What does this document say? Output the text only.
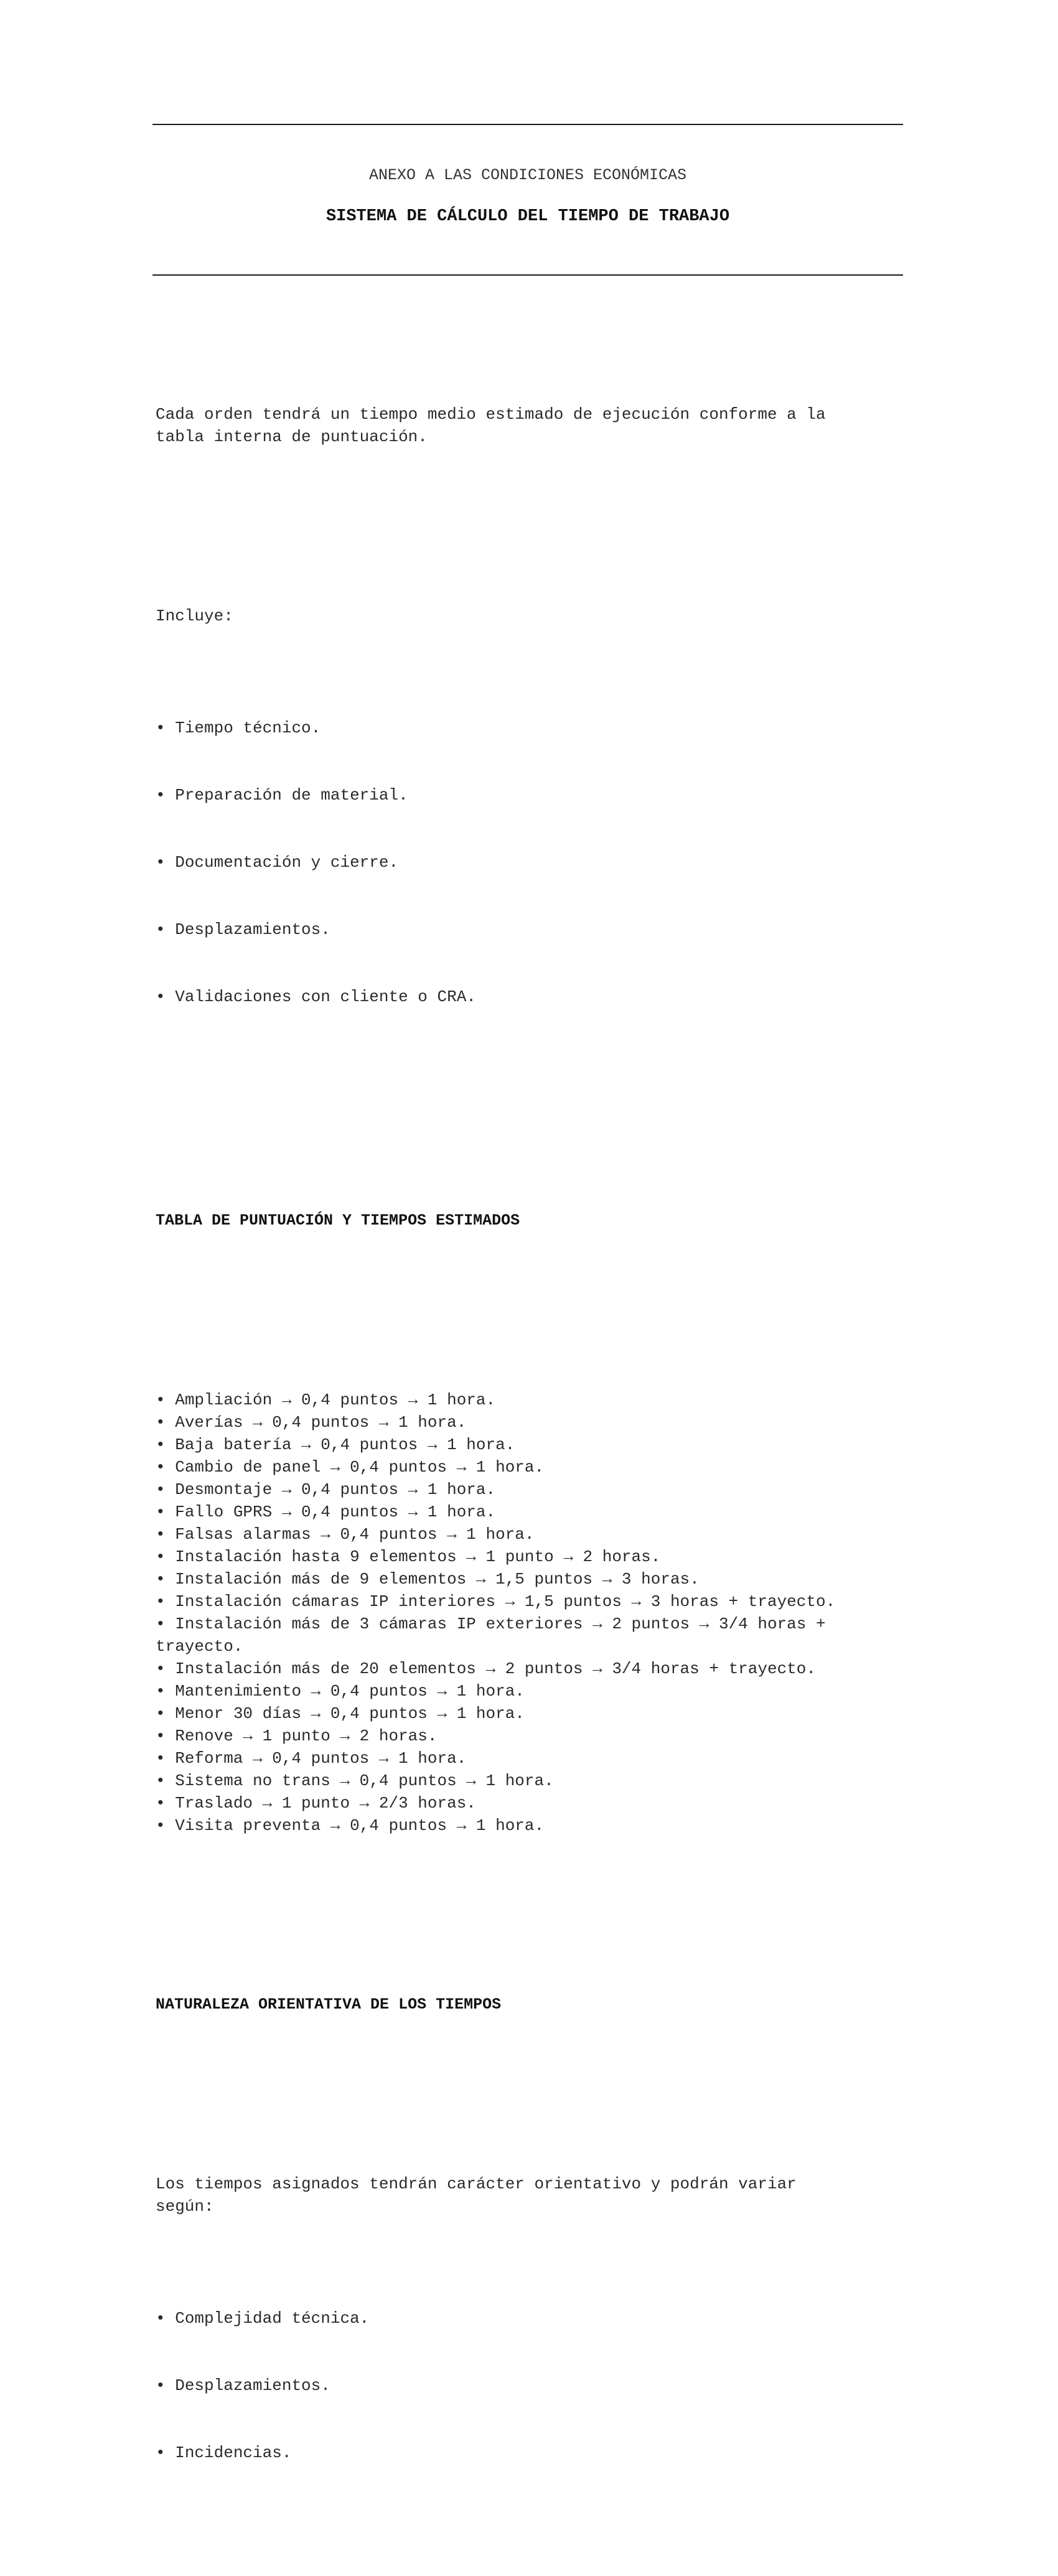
ANEXO A LAS CONDICIONES ECONÓMICAS
SISTEMA DE CÁLCULO DEL TIEMPO DE TRABAJO

Cada orden tendrá un tiempo medio estimado de ejecución conforme a la tabla interna de puntuación.

Incluye:

• Tiempo técnico.

• Preparación de material.

• Documentación y cierre.

• Desplazamientos.

• Validaciones con cliente o CRA.

TABLA DE PUNTUACIÓN Y TIEMPOS ESTIMADOS

• Ampliación → 0,4 puntos → 1 hora.
• Averías → 0,4 puntos → 1 hora.
• Baja batería → 0,4 puntos → 1 hora.
• Cambio de panel → 0,4 puntos → 1 hora.
• Desmontaje → 0,4 puntos → 1 hora.
• Fallo GPRS → 0,4 puntos → 1 hora.
• Falsas alarmas → 0,4 puntos → 1 hora.
• Instalación hasta 9 elementos → 1 punto → 2 horas.
• Instalación más de 9 elementos → 1,5 puntos → 3 horas.
• Instalación cámaras IP interiores → 1,5 puntos → 3 horas + trayecto.
• Instalación más de 3 cámaras IP exteriores → 2 puntos → 3/4 horas + trayecto.
• Instalación más de 20 elementos → 2 puntos → 3/4 horas + trayecto.
• Mantenimiento → 0,4 puntos → 1 hora.
• Menor 30 días → 0,4 puntos → 1 hora.
• Renove → 1 punto → 2 horas.
• Reforma → 0,4 puntos → 1 hora.
• Sistema no trans → 0,4 puntos → 1 hora.
• Traslado → 1 punto → 2/3 horas.
• Visita preventa → 0,4 puntos → 1 hora.

NATURALEZA ORIENTATIVA DE LOS TIEMPOS

Los tiempos asignados tendrán carácter orientativo y podrán variar según:

• Complejidad técnica.

• Desplazamientos.

• Incidencias.
